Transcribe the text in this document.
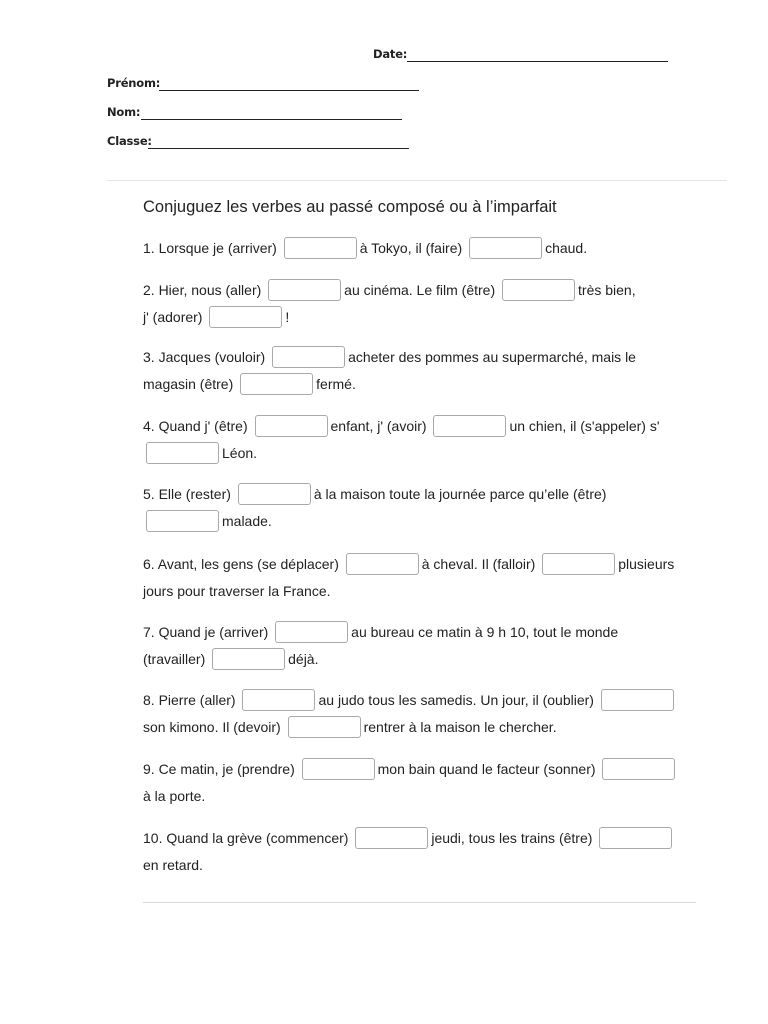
Date:
Prénom:
Nom:
Classe:
Conjuguez les verbes au passé composé ou à l’imparfait
1. Lorsque je (arriver)	à Tokyo, il (faire)	chaud.
2. Hier, nous (aller)	au cinéma. Le film (être)	très bien,
j' (adorer)	!
3. Jacques (vouloir)	acheter des pommes au supermarché, mais le
magasin (être)	fermé.
4. Quand j' (être)	enfant, j' (avoir)	un chien, il (s'appeler) s'
Léon.
5. Elle (rester)	à la maison toute la journée parce qu’elle (être)
malade.
6. Avant, les gens (se déplacer)	à cheval. Il (falloir)	plusieurs
jours pour traverser la France.
7. Quand je (arriver)	au bureau ce matin à 9 h 10, tout le monde
(travailler)	déjà.
8. Pierre (aller)	au judo tous les samedis. Un jour, il (oublier)
son kimono. Il (devoir)	rentrer à la maison le chercher.
9. Ce matin, je (prendre)	mon bain quand le facteur (sonner)
à la porte.
10. Quand la grève (commencer)	jeudi, tous les trains (être)
en retard.
